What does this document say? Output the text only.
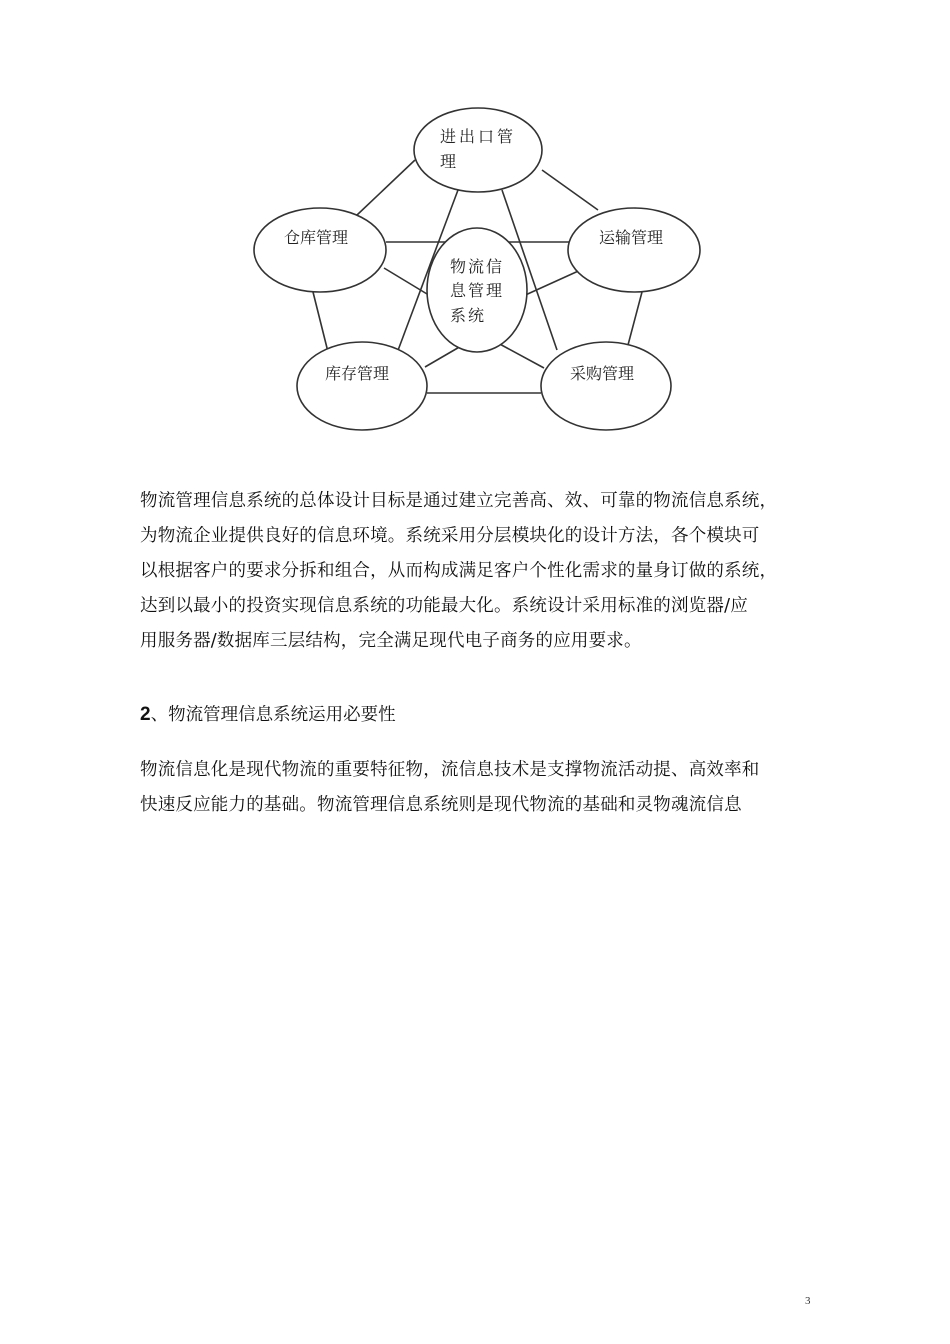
进出口管
理
仓库管理	运输管理
库存管理	采购管理
物流信
息管理
系统
物流管理信息系统的总体设计目标是通过建立完善高、效、可靠的物流信息系统，
为物流企业提供良好的信息环境。系统采用分层模块化的设计方法，各个模块可
以根据客户的要求分拆和组合，从而构成满足客户个性化需求的量身订做的系统，
达到以最小的投资实现信息系统的功能最大化。系统设计采用标准的浏览器/应
用服务器/数据库三层结构，完全满足现代电子商务的应用要求。
2、物流管理信息系统运用必要性
物流信息化是现代物流的重要特征物，流信息技术是支撑物流活动提、高效率和
快速反应能力的基础。物流管理信息系统则是现代物流的基础和灵物魂流信息
3
